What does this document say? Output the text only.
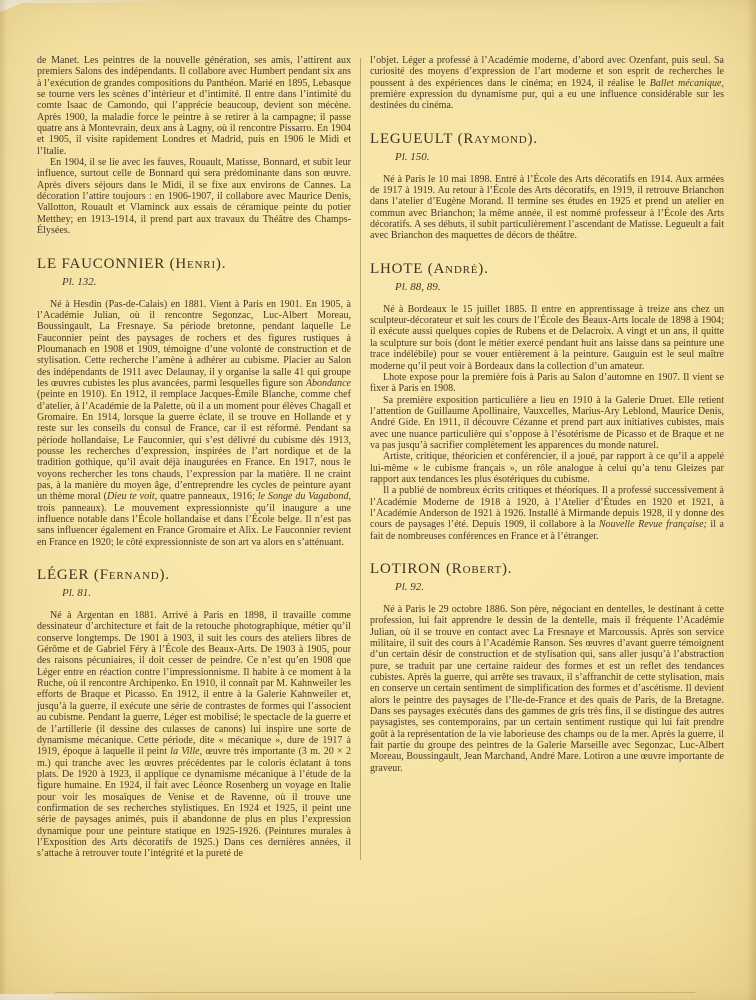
de Manet. Les peintres de la nouvelle génération, ses amis, l’attirent aux premiers Salons des indépendants. Il collabore avec Humbert pendant six ans à l’exécution de grandes compositions du Panthéon. Marié en 1895, Lebasque se tourne vers les scènes d’intérieur et d’intimité. Il entre dans l’intimité du comte Isaac de Camondo, qui l’apprécie beaucoup, devient son mécène. Après 1900, la maladie force le peintre à se retirer à la campagne; il passe quatre ans à Montevrain, deux ans à Lagny, où il rencontre Pissarro. En 1904 et 1905, il visite rapidement Londres et Madrid, puis en 1906 le Midi et l’Italie.

En 1904, il se lie avec les fauves, Rouault, Matisse, Bonnard, et subit leur influence, surtout celle de Bonnard qui sera prédominante dans son œuvre. Après divers séjours dans le Midi, il se fixe aux environs de Cannes. La décoration l’attire toujours : en 1906-1907, il collabore avec Maurice Denis, Vallotton, Rouault et Vlaminck aux essais de céramique peinte du potier Metthey; en 1913-1914, il prend part aux travaux du Théâtre des Champs-Élysées.

LE FAUCONNIER (Henri).
Pl. 132.

Né à Hesdin (Pas-de-Calais) en 1881. Vient à Paris en 1901. En 1905, à l’Académie Julian, où il rencontre Segonzac, Luc-Albert Moreau, Boussingault, La Fresnaye. Sa période bretonne, pendant laquelle Le Fauconnier peint des paysages de rochers et des figures rustiques à Ploumanach en 1908 et 1909, témoigne d’une volonté de construction et de stylisation. Cette recherche l’amène à adhérer au cubisme. Placier au Salon des indépendants de 1911 avec Delaunay, il y organise la salle 41 qui groupe les œuvres cubistes les plus avancées, parmi lesquelles figure son Abondance (peinte en 1910). En 1912, il remplace Jacques-Émile Blanche, comme chef d’atelier, à l’Académie de la Palette, où il a un moment pour élèves Chagall et Gromaire. En 1914, lorsque la guerre éclate, il se trouve en Hollande et y reste sur les conseils du consul de France, car il est réformé. Pendant sa période hollandaise, Le Fauconnier, qui s’est délivré du cubisme dès 1913, pousse les recherches d’expression, inspirées de l’art nordique et de la tradition gothique, qu’il avait déjà inaugurées en France. En 1917, nous le voyons rechercher les tons chauds, l’expression par la matière. Il ne craint pas, à la manière du moyen âge, d’entreprendre les cycles de peinture ayant un thème moral (Dieu te voit, quatre panneaux, 1916; le Songe du Vagabond, trois panneaux). Le mouvement expressionniste qu’il inaugure a une influence notable dans l’École hollandaise et dans l’École belge. Il n’est pas sans influencer également en France Gromaire et Alix. Le Fauconnier revient en France en 1920; le côté expressionniste de son art va alors en s’atténuant.

LÉGER (Fernand).
Pl. 81.

Né à Argentan en 1881. Arrivé à Paris en 1898, il travaille comme dessinateur d’architecture et fait de la retouche photographique, métier qu’il conserve longtemps. De 1901 à 1903, il suit les cours des ateliers libres de Gérôme et de Gabriel Féry à l’École des Beaux-Arts. De 1903 à 1905, pour des raisons pécuniaires, il doit cesser de peindre. Ce n’est qu’en 1908 que Léger entre en réaction contre l’impressionnisme. Il habite à ce moment à la Ruche, où il rencontre Archipenko. En 1910, il connaît par M. Kahnweiler les efforts de Braque et Picasso. En 1912, il entre à la Galerie Kahnweiler et, jusqu’à la guerre, il exécute une série de contrastes de formes qui l’associent au cubisme. Pendant la guerre, Léger est mobilisé; le spectacle de la guerre et de l’artillerie (il dessine des culasses de canons) lui inspire une sorte de dynamisme mécanique. Cette période, dite « mécanique », dure de 1917 à 1919, époque à laquelle il peint la Ville, œuvre très importante (3 m. 20 × 2 m.) qui tranche avec les œuvres précédentes par le coloris éclatant à tons plats. De 1920 à 1923, il applique ce dynamisme mécanique à l’étude de la figure humaine. En 1924, il fait avec Léonce Rosenberg un voyage en Italie pour voir les mosaïques de Venise et de Ravenne, où il trouve une confirmation de ses recherches stylistiques. En 1924 et 1925, il peint une série de paysages animés, puis il abandonne de plus en plus l’expression dynamique pour une peinture statique en 1925-1926. (Peintures murales à l’Exposition des Arts décoratifs de 1925.) Dans ces dernières années, il s’attache à retrouver toute l’intégrité et la pureté de

l’objet. Léger a professé à l’Académie moderne, d’abord avec Ozenfant, puis seul. Sa curiosité des moyens d’expression de l’art moderne et son esprit de recherches le poussent à des expériences dans le cinéma; en 1924, il réalise le Ballet mécanique, première expression du dynamisme pur, qui a eu une influence considérable sur les destinées du cinéma.

LEGUEULT (Raymond).
Pl. 150.

Né à Paris le 10 mai 1898. Entré à l’École des Arts décoratifs en 1914. Aux armées de 1917 à 1919. Au retour à l’École des Arts décoratifs, en 1919, il retrouve Brianchon dans l’atelier d’Eugène Morand. Il termine ses études en 1925 et prend un atelier en commun avec Brianchon; la même année, il est nommé professeur à l’École des Arts décoratifs. A ses débuts, il subit particulièrement l’ascendant de Matisse. Legueult a fait avec Brianchon des maquettes de décors de théâtre.

LHOTE (André).
Pl. 88, 89.

Né à Bordeaux le 15 juillet 1885. Il entre en apprentissage à treize ans chez un sculpteur-décorateur et suit les cours de l’École des Beaux-Arts locale de 1898 à 1904; il exécute aussi quelques copies de Rubens et de Delacroix. A vingt et un ans, il quitte la sculpture sur bois (dont le métier exercé pendant huit ans laisse dans sa peinture une trace indélébile) pour se vouer entièrement à la peinture. Gauguin est le seul maître moderne qu’il peut voir à Bordeaux dans la collection d’un amateur.

Lhote expose pour la première fois à Paris au Salon d’automne en 1907. Il vient se fixer à Paris en 1908.

Sa première exposition particulière a lieu en 1910 à la Galerie Druet. Elle retient l’attention de Guillaume Apollinaire, Vauxcelles, Marius-Ary Leblond, Maurice Denis, André Gide. En 1911, il découvre Cézanne et prend part aux initiatives cubistes, mais avec une nuance particulière qui s’oppose à l’ésotérisme de Picasso et de Braque et ne va pas jusqu’à sacrifier complètement les apparences du monde naturel.

Artiste, critique, théoricien et conférencier, il a joué, par rapport à ce qu’il a appelé lui-même « le cubisme français », un rôle analogue à celui qu’a tenu Gleizes par rapport aux tendances les plus ésotériques du cubisme.

Il a publié de nombreux écrits critiques et théoriques. Il a professé successivement à l’Académie Moderne de 1918 à 1920, à l’Atelier d’Études en 1920 et 1921, à l’Académie Anderson de 1921 à 1926. Installé à Mirmande depuis 1928, il y donne des cours de paysages l’été. Depuis 1909, il collabore à la Nouvelle Revue française; il a fait de nombreuses conférences en France et à l’étranger.

LOTIRON (Robert).
Pl. 92.

Né à Paris le 29 octobre 1886. Son père, négociant en dentelles, le destinant à cette profession, lui fait apprendre le dessin de la dentelle, mais il fréquente l’Académie Julian, où il se trouve en contact avec La Fresnaye et Marcoussis. Après son service militaire, il suit des cours à l’Académie Ranson. Ses œuvres d’avant guerre témoignent d’un certain désir de construction et de stylisation qui, sans aller jusqu’à l’abstraction pure, se traduit par une certaine raideur des formes et est un reflet des tendances cubistes. Après la guerre, qui arrête ses travaux, il s’affranchit de cette stylisation, mais en conserve un certain sentiment de simplification des formes et d’ascétisme. Il devient alors le peintre des paysages de l’Ile-de-France et des quais de Paris, de la Bretagne. Dans ses paysages exécutés dans des gammes de gris très fins, il se distingue des autres paysagistes, ses contemporains, par un certain sentiment rustique qui lui fait prendre goût à la représentation de la vie laborieuse des champs ou de la mer. Après la guerre, il fait partie du groupe des peintres de la Galerie Marseille avec Segonzac, Luc-Albert Moreau, Boussingault, Jean Marchand, André Mare. Lotiron a une œuvre importante de graveur.
